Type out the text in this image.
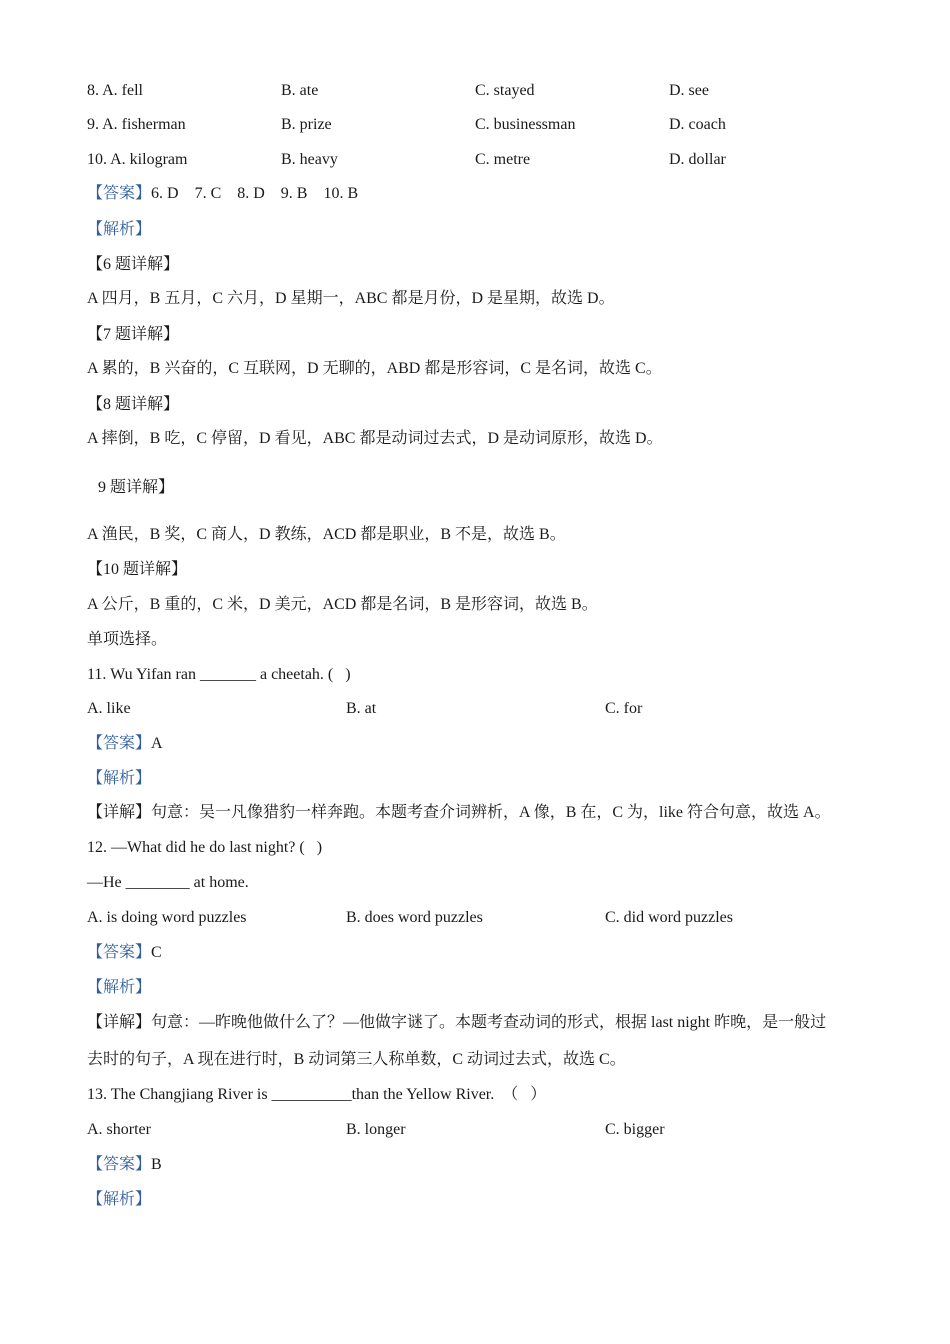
8. A. fell	B. ate	C. stayed	D. see
9. A. fisherman	B. prize	C. businessman	D. coach
10. A. kilogram	B. heavy	C. metre	D. dollar
【答案】6. D    7. C    8. D    9. B    10. B
【解析】
【6 题详解】
A 四月，B 五月，C 六月，D 星期一，ABC 都是月份，D 是星期，故选 D。
【7 题详解】
A 累的，B 兴奋的，C 互联网，D 无聊的，ABD 都是形容词，C 是名词，故选 C。
【8 题详解】
A 摔倒，B 吃，C 停留，D 看见，ABC 都是动词过去式，D 是动词原形，故选 D。
9 题详解】
A 渔民，B 奖，C 商人，D 教练，ACD 都是职业，B 不是，故选 B。
【10 题详解】
A 公斤，B 重的，C 米，D 美元，ACD 都是名词，B 是形容词，故选 B。
单项选择。
11. Wu Yifan ran _______ a cheetah. (   )
A. like	B. at	C. for
【答案】A
【解析】
【详解】句意：吴一凡像猎豹一样奔跑。本题考查介词辨析，A 像，B 在，C 为，like 符合句意，故选 A。
12. —What did he do last night? (   )
—He ________ at home.
A. is doing word puzzles	B. does word puzzles	C. did word puzzles
【答案】C
【解析】
【详解】句意：—昨晚他做什么了？—他做字谜了。本题考查动词的形式，根据 last night 昨晚，是一般过
去时的句子，A 现在进行时，B 动词第三人称单数，C 动词过去式，故选 C。
13. The Changjiang River is __________than the Yellow River.  （   ）
A. shorter	B. longer	C. bigger
【答案】B
【解析】
